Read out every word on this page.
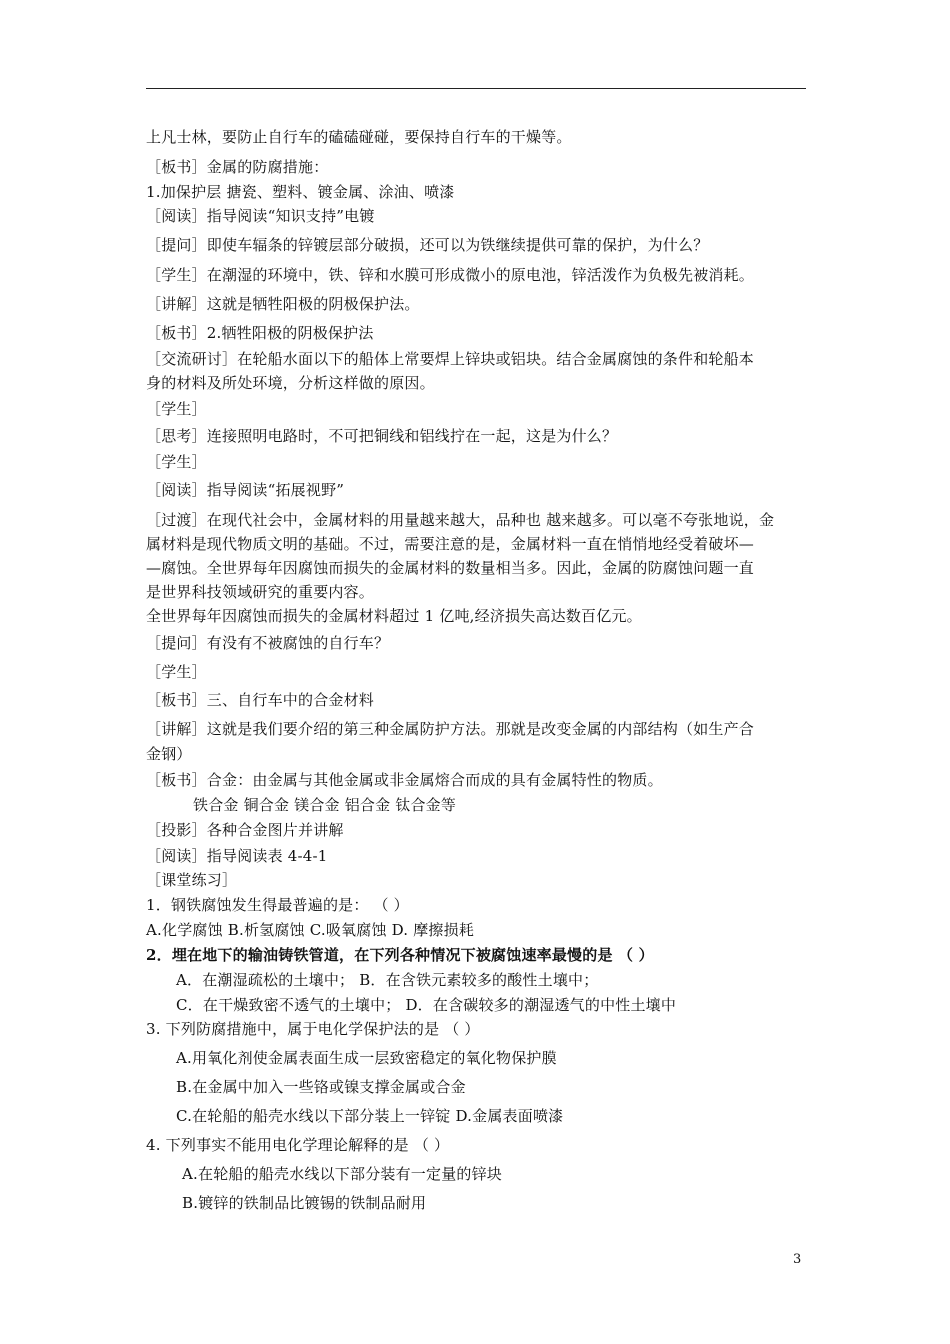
上凡士林，要防止自行车的磕磕碰碰，要保持自行车的干燥等。
［板书］金属的防腐措施：
1.加保护层 搪瓷、塑料、镀金属、涂油、喷漆
［阅读］指导阅读“知识支持”电镀
［提问］即使车辐条的锌镀层部分破损，还可以为铁继续提供可靠的保护，为什么？
［学生］在潮湿的环境中，铁、锌和水膜可形成微小的原电池，锌活泼作为负极先被消耗。
［讲解］这就是牺牲阳极的阴极保护法。
［板书］2.牺牲阳极的阴极保护法
［交流研讨］在轮船水面以下的船体上常要焊上锌块或铝块。结合金属腐蚀的条件和轮船本
身的材料及所处环境，分析这样做的原因。
［学生］
［思考］连接照明电路时，不可把铜线和铝线拧在一起，这是为什么？
［学生］
［阅读］指导阅读“拓展视野”
［过渡］在现代社会中，金属材料的用量越来越大，品种也 越来越多。可以毫不夸张地说，金
属材料是现代物质文明的基础。不过，需要注意的是，金属材料一直在悄悄地经受着破坏—
—腐蚀。全世界每年因腐蚀而损失的金属材料的数量相当多。因此，金属的防腐蚀问题一直
是世界科技领域研究的重要内容。
全世界每年因腐蚀而损失的金属材料超过 1 亿吨,经济损失高达数百亿元。
［提问］有没有不被腐蚀的自行车？
［学生］
［板书］三、自行车中的合金材料
［讲解］这就是我们要介绍的第三种金属防护方法。那就是改变金属的内部结构（如生产合
金钢）
［板书］合金：由金属与其他金属或非金属熔合而成的具有金属特性的物质。
铁合金 铜合金 镁合金 铝合金 钛合金等
［投影］各种合金图片并讲解
［阅读］指导阅读表 4-4-1
［课堂练习］
1．钢铁腐蚀发生得最普遍的是： （ ）
A.化学腐蚀 B.析氢腐蚀 C.吸氧腐蚀 D. 摩擦损耗
2．埋在地下的输油铸铁管道，在下列各种情况下被腐蚀速率最慢的是 （ ）
A．在潮湿疏松的土壤中； B．在含铁元素较多的酸性土壤中；
C．在干燥致密不透气的土壤中； D．在含碳较多的潮湿透气的中性土壤中
3. 下列防腐措施中，属于电化学保护法的是 （ ）
A.用氧化剂使金属表面生成一层致密稳定的氧化物保护膜
B.在金属中加入一些铬或镍支撑金属或合金
C.在轮船的船壳水线以下部分装上一锌锭 D.金属表面喷漆
4. 下列事实不能用电化学理论解释的是 （ ）
A.在轮船的船壳水线以下部分装有一定量的锌块
B.镀锌的铁制品比镀锡的铁制品耐用
3
